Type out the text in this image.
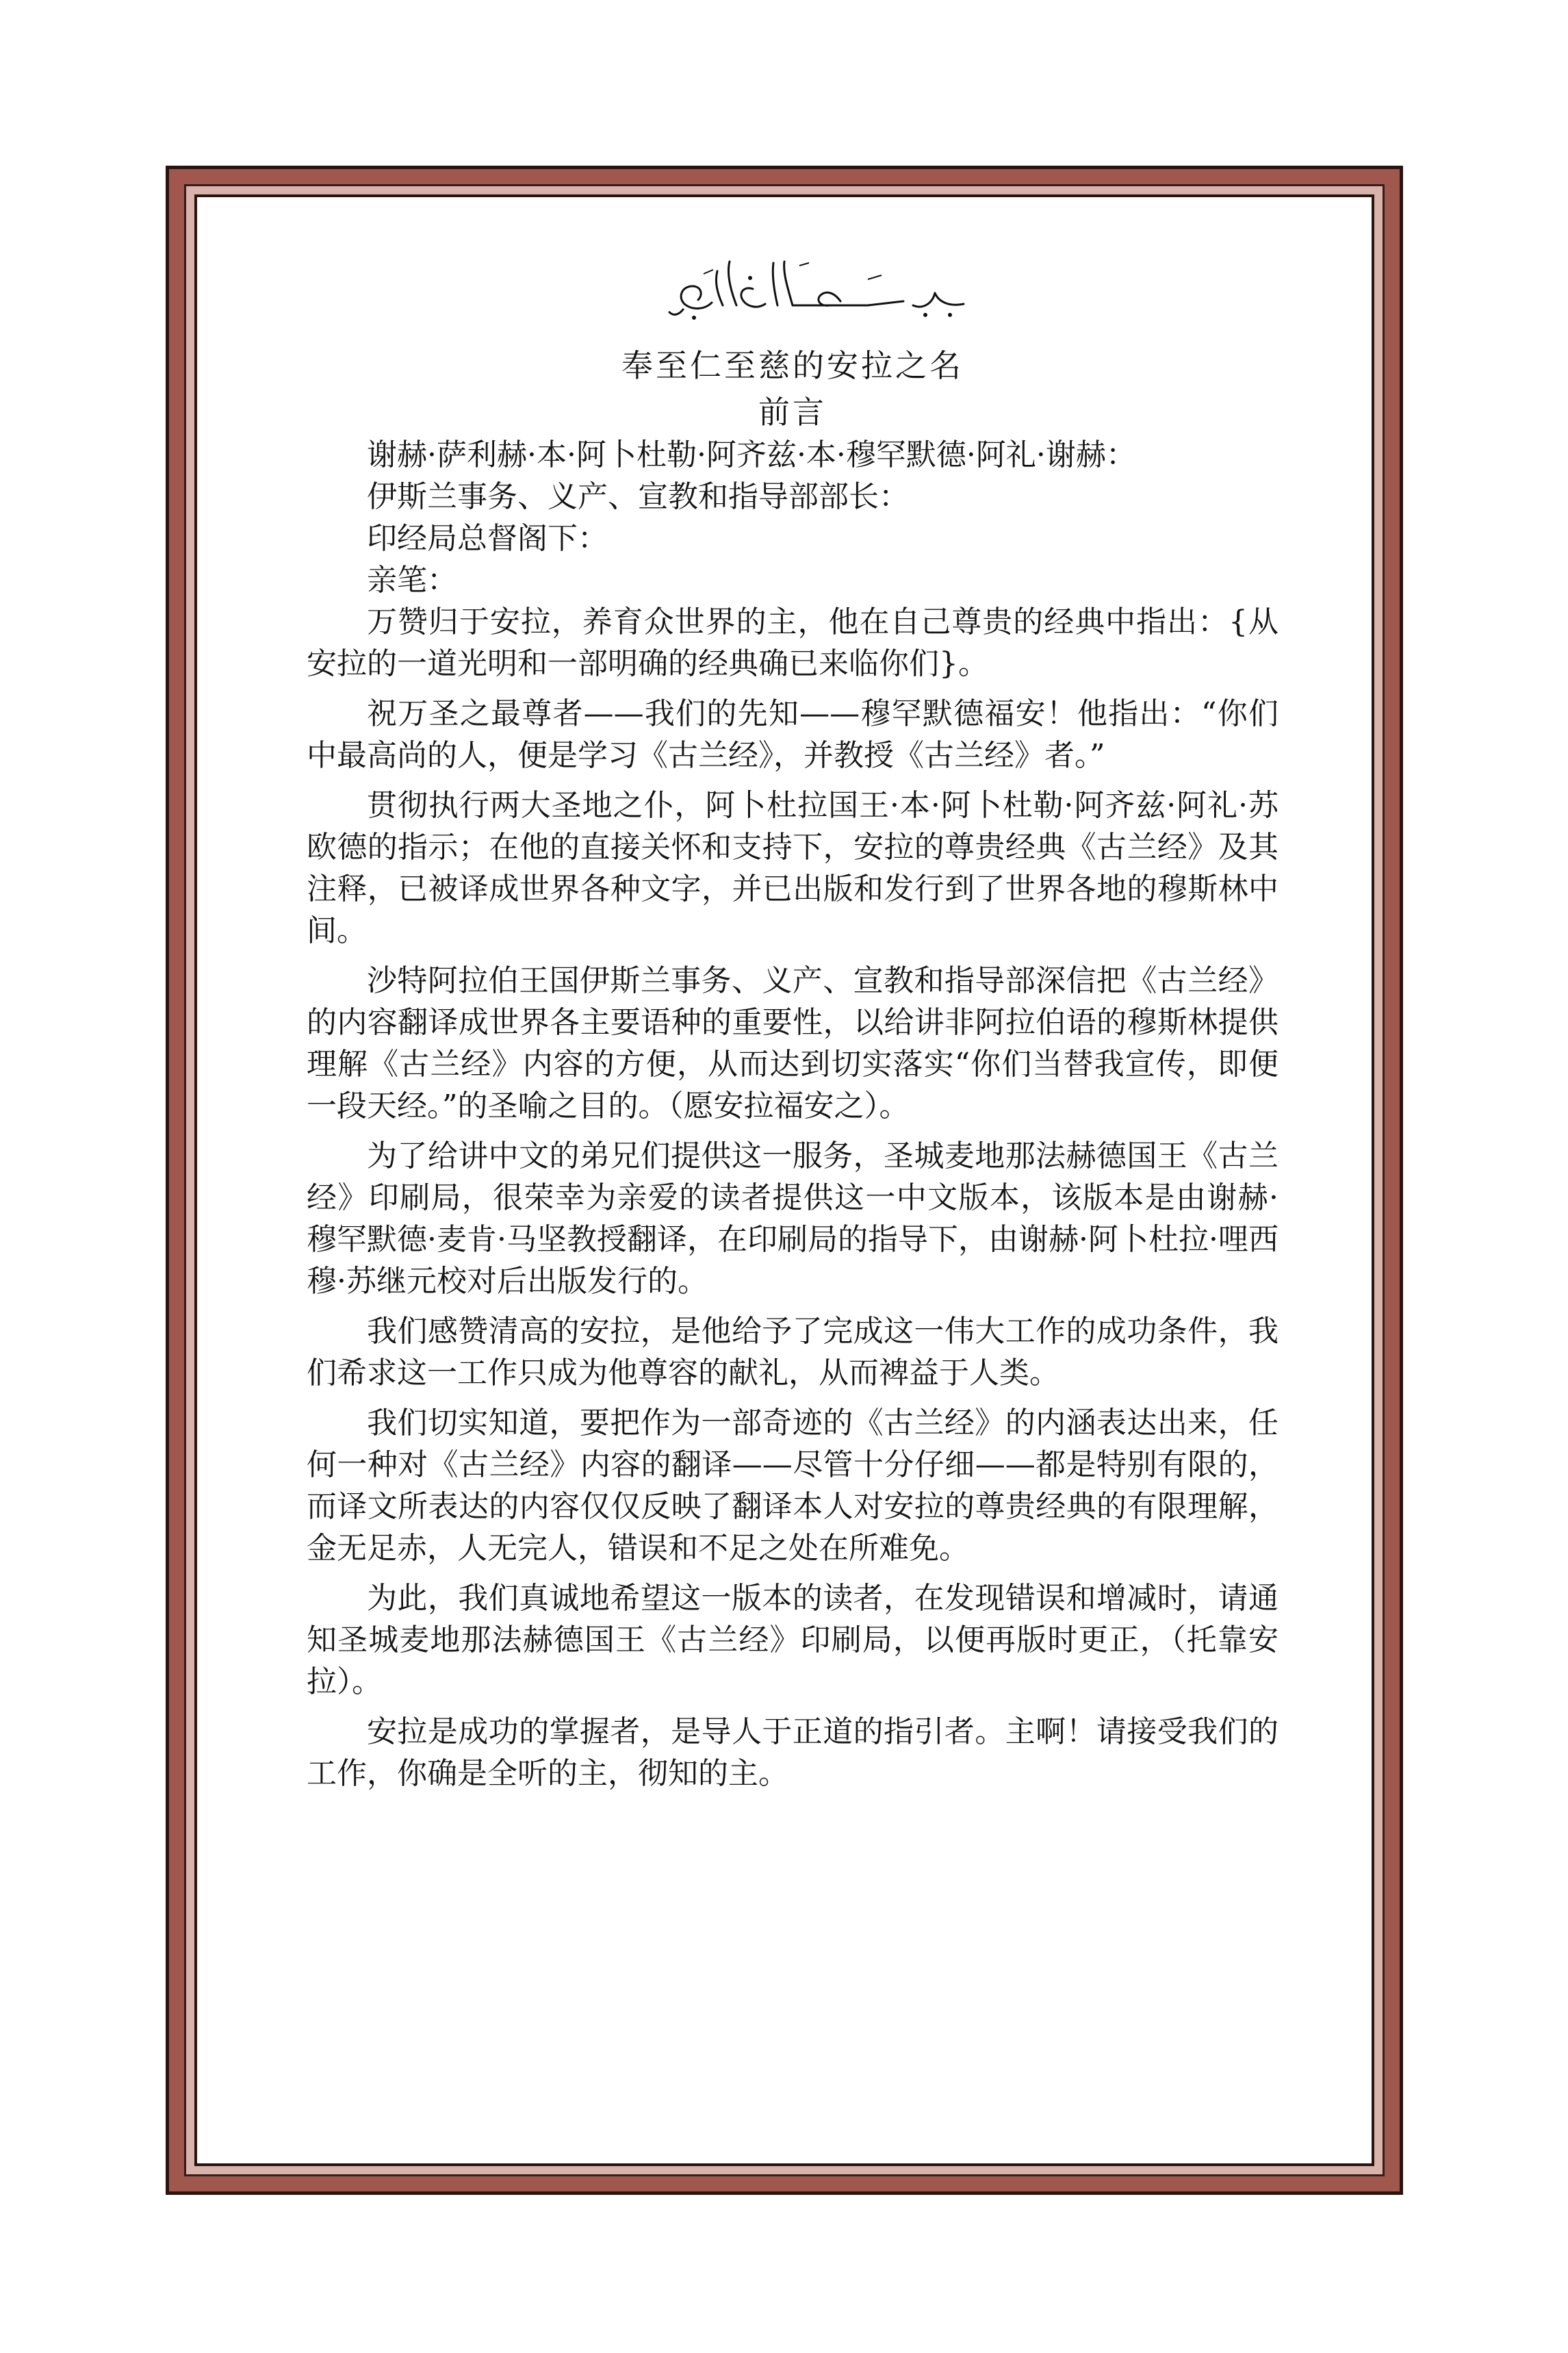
奉至仁至慈的安拉之名
前言

谢赫·萨利赫·本·阿卜杜勒·阿齐兹·本·穆罕默德·阿礼·谢赫：

伊斯兰事务、义产、宣教和指导部部长：

印经局总督阁下：

亲笔：

万赞归于安拉，养育众世界的主，他在自己尊贵的经典中指出：{从安拉的一道光明和一部明确的经典确已来临你们}。

祝万圣之最尊者——我们的先知——穆罕默德福安！他指出：“你们中最高尚的人，便是学习《古兰经》，并教授《古兰经》者。”

贯彻执行两大圣地之仆，阿卜杜拉国王·本·阿卜杜勒·阿齐兹·阿礼·苏欧德的指示；在他的直接关怀和支持下，安拉的尊贵经典《古兰经》及其注释，已被译成世界各种文字，并已出版和发行到了世界各地的穆斯林中间。

沙特阿拉伯王国伊斯兰事务、义产、宣教和指导部深信把《古兰经》的内容翻译成世界各主要语种的重要性，以给讲非阿拉伯语的穆斯林提供理解《古兰经》内容的方便，从而达到切实落实“你们当替我宣传，即便一段天经。”的圣喻之目的。（愿安拉福安之）。

为了给讲中文的弟兄们提供这一服务，圣城麦地那法赫德国王《古兰经》印刷局，很荣幸为亲爱的读者提供这一中文版本，该版本是由谢赫·穆罕默德·麦肯·马坚教授翻译，在印刷局的指导下，由谢赫·阿卜杜拉·哩西穆·苏继元校对后出版发行的。

我们感赞清高的安拉，是他给予了完成这一伟大工作的成功条件，我们希求这一工作只成为他尊容的献礼，从而裨益于人类。

我们切实知道，要把作为一部奇迹的《古兰经》的内涵表达出来，任何一种对《古兰经》内容的翻译——尽管十分仔细——都是特别有限的，而译文所表达的内容仅仅反映了翻译本人对安拉的尊贵经典的有限理解，金无足赤，人无完人，错误和不足之处在所难免。

为此，我们真诚地希望这一版本的读者，在发现错误和增减时，请通知圣城麦地那法赫德国王《古兰经》印刷局，以便再版时更正，（托靠安拉）。

安拉是成功的掌握者，是导人于正道的指引者。主啊！请接受我们的工作，你确是全听的主，彻知的主。
